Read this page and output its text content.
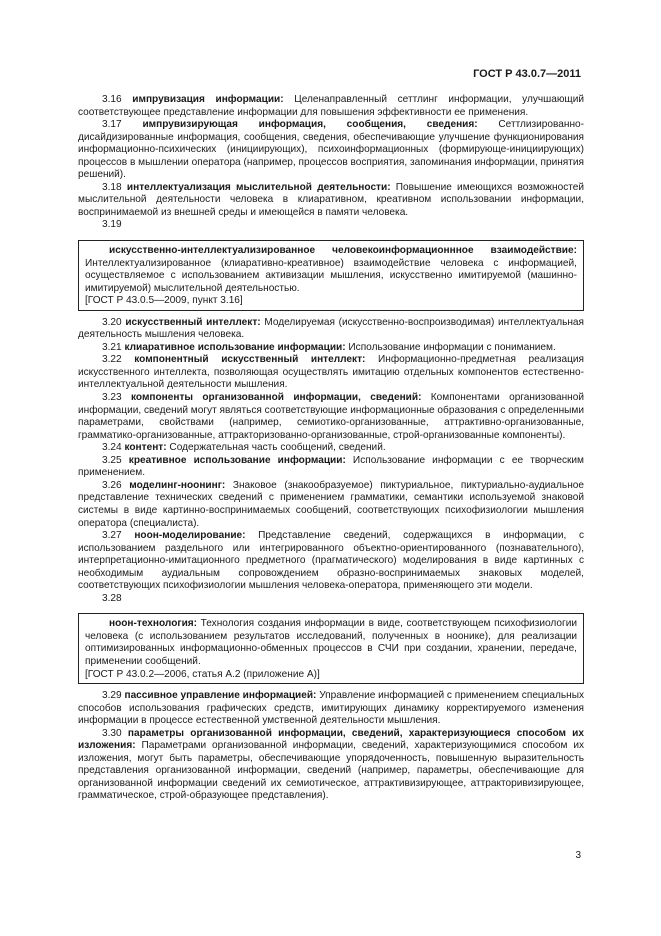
ГОСТ Р 43.0.7—2011

3.16 импрувизация информации: Целенаправленный сеттлинг информации, улучшающий соответствующее представление информации для повышения эффективности ее применения.

3.17 импрувизирующая информация, сообщения, сведения: Сеттлизированно-дисайдизированные информация, сообщения, сведения, обеспечивающие улучшение функционирования информационно-психических (инициирующих), психоинформационных (формирующе-инициирующих) процессов в мышлении оператора (например, процессов восприятия, запоминания информации, принятия решений).

3.18 интеллектуализация мыслительной деятельности: Повышение имеющихся возможностей мыслительной деятельности человека в клиаративном, креативном использовании информации, воспринимаемой из внешней среды и имеющейся в памяти человека.

3.19

искусственно-интеллектуализированное человекоинформационнное взаимодействие: Интеллектуализированное (клиаративно-креативное) взаимодействие человека с информацией, осуществляемое с использованием активизации мышления, искусственно имитируемой (машинно-имитируемой) мыслительной деятельностью.

[ГОСТ Р 43.0.5—2009, пункт 3.16]

3.20 искусственный интеллект: Моделируемая (искусственно-воспроизводимая) интеллектуальная деятельность мышления человека.

3.21 клиаративное использование информации: Использование информации с пониманием.

3.22 компонентный искусственный интеллект: Информационно-предметная реализация искусственного интеллекта, позволяющая осуществлять имитацию отдельных компонентов естественно-интеллектуальной деятельности мышления.

3.23 компоненты организованной информации, сведений: Компонентами организованной информации, сведений могут являться соответствующие информационные образования с определенными параметрами, свойствами (например, семиотико-организованные, аттрактивно-организованные, грамматико-организованные, аттракторизованно-организованные, строй-организованные компоненты).

3.24 контент: Содержательная часть сообщений, сведений.

3.25 креативное использование информации: Использование информации с ее творческим применением.

3.26 моделинг-ноонинг: Знаковое (знакообразуемое) пиктуриальное, пиктуриально-аудиальное представление технических сведений с применением грамматики, семантики используемой знаковой системы в виде картинно-воспринимаемых сообщений, соответствующих психофизиологии мышления оператора (специалиста).

3.27 ноон-моделирование: Представление сведений, содержащихся в информации, с использованием раздельного или интегрированного объектно-ориентированного (познавательного), интерпретационно-имитационного предметного (прагматического) моделирования в виде картинных с необходимым аудиальным сопровождением образно-воспринимаемых знаковых моделей, соответствующих психофизиологии мышления человека-оператора, применяющего эти модели.

3.28

ноон-технология: Технология создания информации в виде, соответствующем психофизиологии человека (с использованием результатов исследований, полученных в ноонике), для реализации оптимизированных информационно-обменных процессов в СЧИ при создании, хранении, передаче, применении сообщений.

[ГОСТ Р 43.0.2—2006, статья А.2 (приложение А)]

3.29 пассивное управление информацией: Управление информацией с применением специальных способов использования графических средств, имитирующих динамику корректируемого изменения информации в процессе естественной умственной деятельности мышления.

3.30 параметры организованной информации, сведений, характеризующиеся способом их изложения: Параметрами организованной информации, сведений, характеризующимися способом их изложения, могут быть параметры, обеспечивающие упорядоченность, повышенную выразительность представления организованной информации, сведений (например, параметры, обеспечивающие для организованной информации сведений их семиотическое, аттрактивизирующее, аттракторивизирующее, грамматическое, строй-образующее представления).

3
